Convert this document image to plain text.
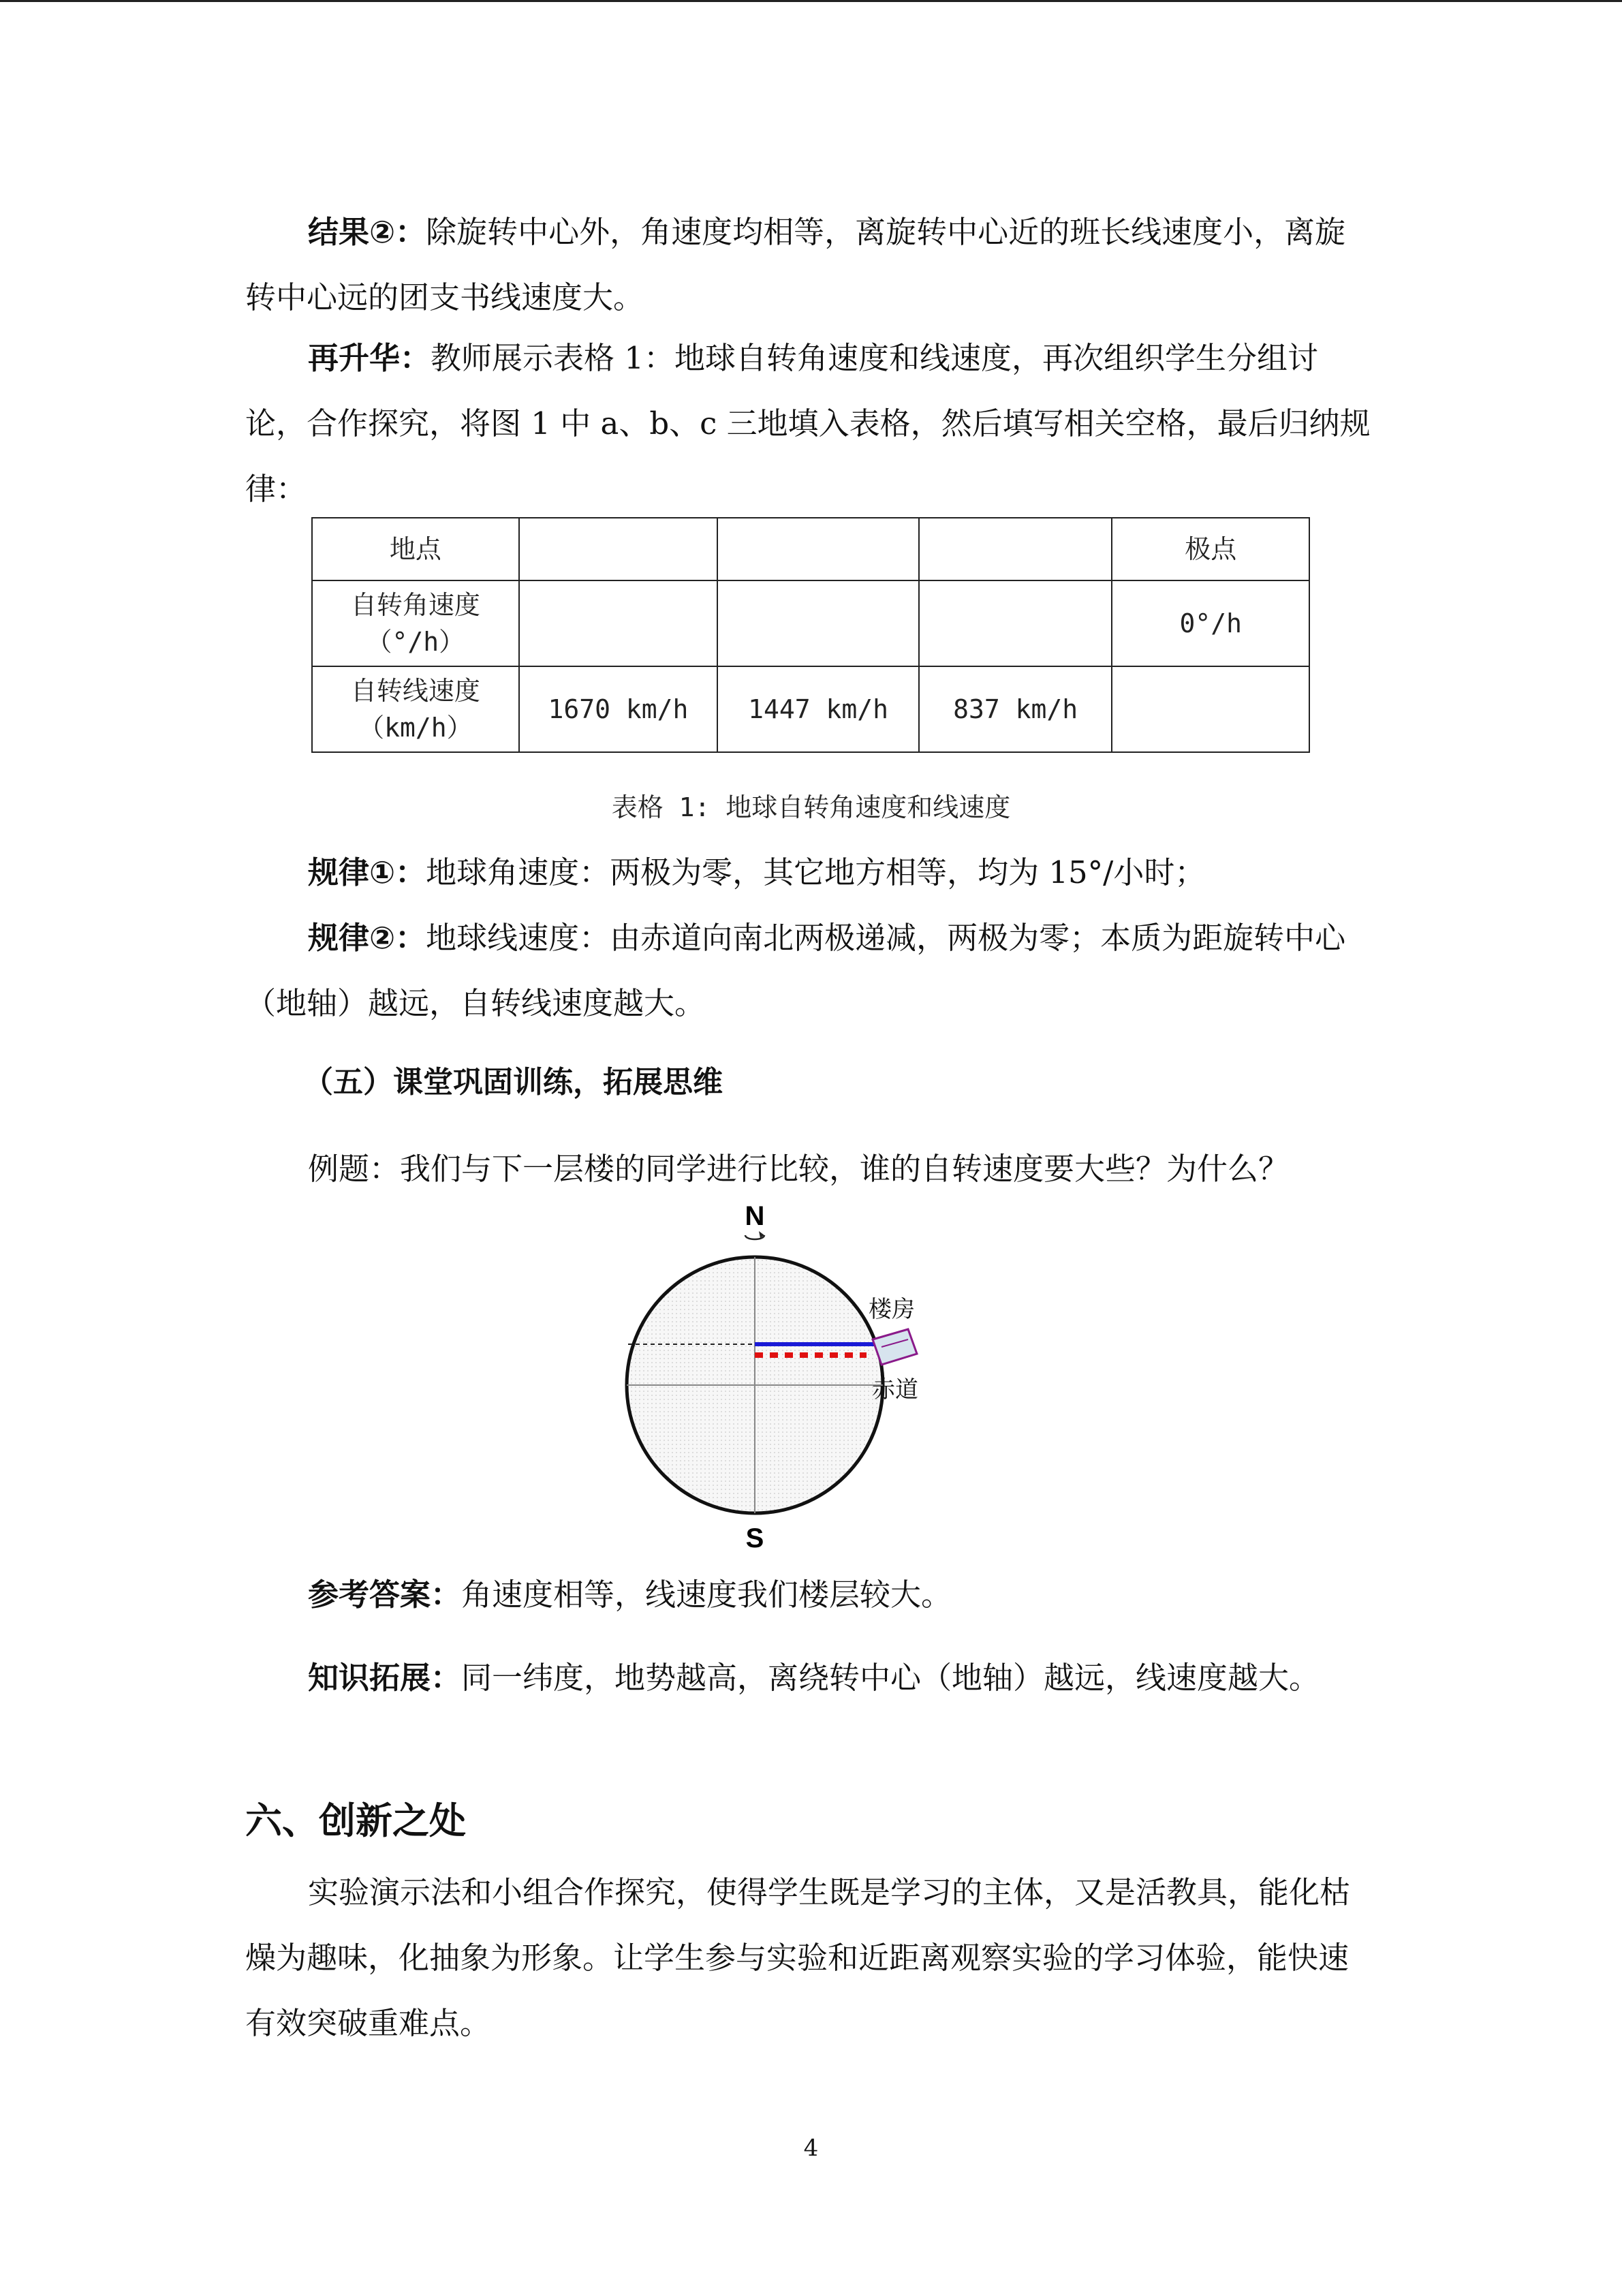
结果②：除旋转中心外，角速度均相等，离旋转中心近的班长线速度小，离旋转中心远的团支书线速度大。

再升华：教师展示表格 1：地球自转角速度和线速度，再次组织学生分组讨论，合作探究，将图 1 中 a、b、c 三地填入表格，然后填写相关空格，最后归纳规律：

地点				极点
自转角速度（°/h）				0°/h
自转线速度（km/h）	1670 km/h	1447 km/h	837 km/h	
表格 1: 地球自转角速度和线速度

规律①：地球角速度：两极为零，其它地方相等，均为 15°/小时；

规律②：地球线速度：由赤道向南北两极递减，两极为零；本质为距旋转中心（地轴）越远，自转线速度越大。

（五）课堂巩固训练，拓展思维

例题：我们与下一层楼的同学进行比较，谁的自转速度要大些？为什么？

N
楼房
赤道
S

参考答案：角速度相等，线速度我们楼层较大。

知识拓展：同一纬度，地势越高，离绕转中心（地轴）越远，线速度越大。

六、创新之处

实验演示法和小组合作探究，使得学生既是学习的主体，又是活教具，能化枯燥为趣味，化抽象为形象。让学生参与实验和近距离观察实验的学习体验，能快速有效突破重难点。

4
